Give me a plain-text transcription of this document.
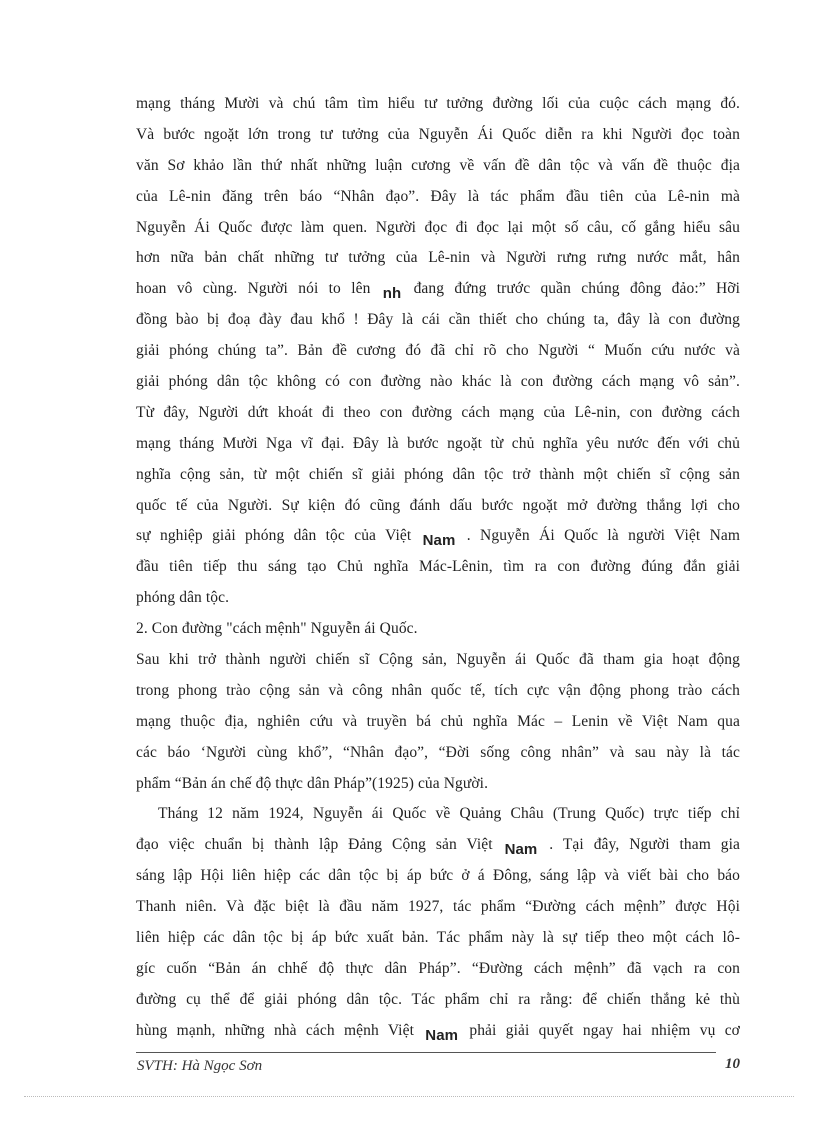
mạng tháng Mười và chú tâm tìm hiểu tư tưởng đường lối của cuộc cách mạng đó.
Và bước ngoặt lớn trong tư tưởng của Nguyễn Ái Quốc diễn ra khi Người đọc toàn
văn Sơ khảo lần thứ nhất những luận cương về vấn đề dân tộc và vấn đề thuộc địa
của Lê-nin đăng trên báo “Nhân đạo”. Đây là tác phẩm đầu tiên của Lê-nin mà
Nguyễn Ái Quốc được làm quen. Người đọc đi đọc lại một số câu, cố gắng hiểu sâu
hơn nữa bản chất những tư tưởng của Lê-nin và Người rưng rưng nước mắt, hân
hoan vô cùng. Người nói to lên nh đang đứng trước quần chúng đông đảo:” Hỡi
đồng bào bị đoạ đày đau khổ ! Đây là cái cần thiết cho chúng ta, đây là con đường
giải phóng chúng ta”. Bản đề cương đó đã chỉ rõ cho Người “ Muốn cứu nước và
giải phóng dân tộc không có con đường nào khác là con đường cách mạng vô sản”.
Từ đây, Người dứt khoát đi theo con đường cách mạng của Lê-nin, con đường cách
mạng tháng Mười Nga vĩ đại. Đây là bước ngoặt từ chủ nghĩa yêu nước đến với chủ
nghĩa cộng sản, từ một chiến sĩ giải phóng dân tộc trở thành một chiến sĩ cộng sản
quốc tế của Người. Sự kiện đó cũng đánh dấu bước ngoặt mở đường thắng lợi cho
sự nghiệp giải phóng dân tộc của Việt Nam . Nguyễn Ái Quốc là người Việt Nam
đầu tiên tiếp thu sáng tạo Chủ nghĩa Mác-Lênin, tìm ra con đường đúng đắn giải
phóng dân tộc.
2. Con đường "cách mệnh" Nguyễn ái Quốc.
Sau khi trở thành người chiến sĩ Cộng sản, Nguyễn ái Quốc đã tham gia hoạt động
trong phong trào cộng sản và công nhân quốc tế, tích cực vận động phong trào cách
mạng thuộc địa, nghiên cứu và truyền bá chủ nghĩa Mác – Lenin về Việt Nam qua
các báo ‘Người cùng khổ”, “Nhân đạo”, “Đời sống công nhân” và sau này là tác
phẩm “Bản án chế độ thực dân Pháp”(1925) của Người.
Tháng 12 năm 1924, Nguyễn ái Quốc về Quảng Châu (Trung Quốc) trực tiếp chỉ
đạo việc chuẩn bị thành lập Đảng Cộng sản Việt Nam . Tại đây, Người tham gia
sáng lập Hội liên hiệp các dân tộc bị áp bức ở á Đông, sáng lập và viết bài cho báo
Thanh niên. Và đặc biệt là đầu năm 1927, tác phẩm “Đường cách mệnh” được Hội
liên hiệp các dân tộc bị áp bức xuất bản. Tác phẩm này là sự tiếp theo một cách lô-
gíc cuốn “Bản án chhế độ thực dân Pháp”. “Đường cách mệnh” đã vạch ra con
đường cụ thể để giải phóng dân tộc. Tác phẩm chỉ ra rằng: để chiến thắng kẻ thù
hùng mạnh, những nhà cách mệnh Việt Nam phải giải quyết ngay hai nhiệm vụ cơ
SVTH: Hà Ngọc Sơn	10
